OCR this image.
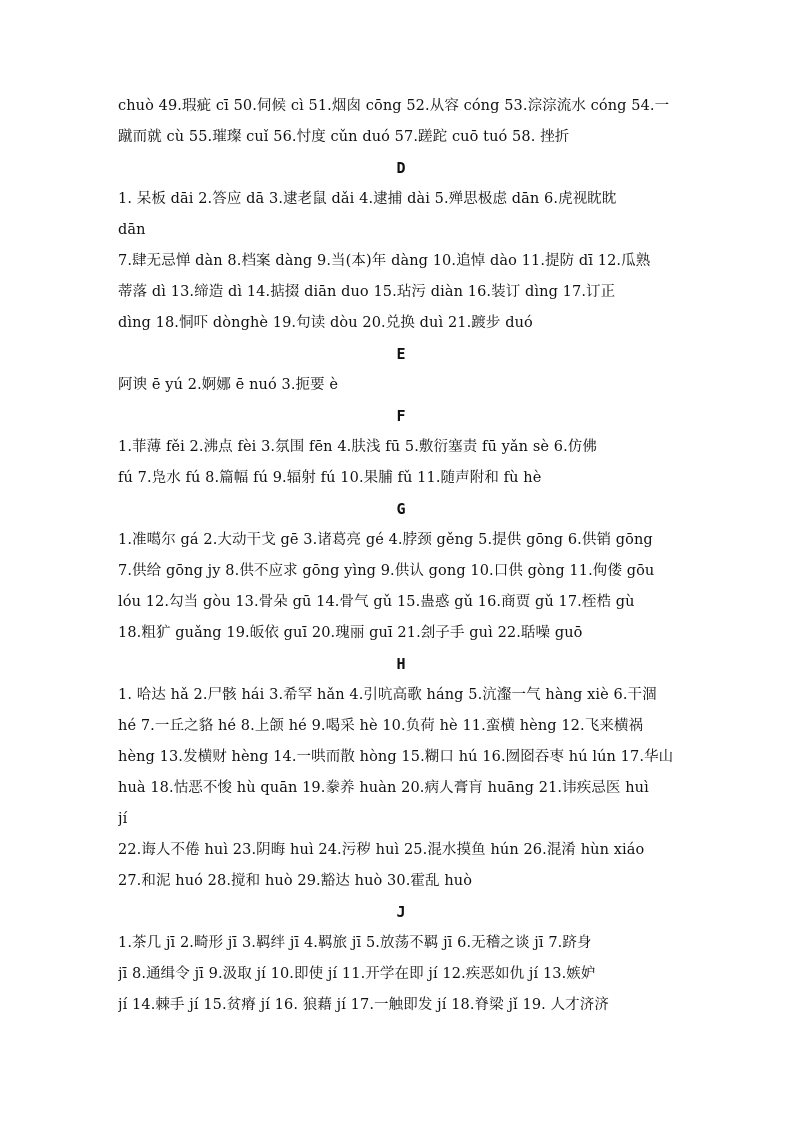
chuò 49.瑕疵 cī 50.伺候 cì 51.烟囱 cōng 52.从容 cóng 53.淙淙流水 cóng 54.一
蹴而就 cù 55.璀璨 cuǐ 56.忖度 cǔn duó 57.蹉跎 cuō tuó 58. 挫折
D
1. 呆板 dāi 2.答应 dā 3.逮老鼠 dǎi 4.逮捕 dài 5.殚思极虑 dān 6.虎视眈眈
dān
7.肆无忌惮 dàn 8.档案 dàng 9.当(本)年 dàng 10.追悼 dào 11.提防 dī 12.瓜熟
蒂落 dì 13.缔造 dì 14.掂掇 diān duo 15.玷污 diàn 16.装订 dìng 17.订正
dìng 18.恫吓 dònghè 19.句读 dòu 20.兑换 duì 21.踱步 duó
E
阿谀 ē yú 2.婀娜 ē nuó 3.扼要 è
F
1.菲薄 fěi 2.沸点 fèi 3.氛围 fēn 4.肤浅 fū 5.敷衍塞责 fū yǎn sè 6.仿佛
fú 7.凫水 fú 8.篇幅 fú 9.辐射 fú 10.果脯 fǔ 11.随声附和 fù hè
G
1.准噶尔 gá 2.大动干戈 gē 3.诸葛亮 gé 4.脖颈 gěng 5.提供 gōng 6.供销 gōng
7.供给 gōng jy 8.供不应求 gōng yìng 9.供认 gong 10.口供 gòng 11.佝偻 gōu
lóu 12.勾当 gòu 13.骨朵 gū 14.骨气 gǔ 15.蛊惑 gǔ 16.商贾 gǔ 17.桎梏 gù
18.粗犷 guǎng 19.皈依 guī 20.瑰丽 guī 21.刽子手 guì 22.聒噪 guō
H
1. 哈达 hǎ 2.尸骸 hái 3.希罕 hǎn 4.引吭高歌 háng 5.沆瀣一气 hàng xiè 6.干涸
hé 7.一丘之貉 hé 8.上颌 hé 9.喝采 hè 10.负荷 hè 11.蛮横 hèng 12.飞来横祸
hèng 13.发横财 hèng 14.一哄而散 hòng 15.糊口 hú 16.囫囵吞枣 hú lún 17.华山
huà 18.怙恶不悛 hù quān 19.豢养 huàn 20.病人膏肓 huāng 21.讳疾忌医 huì
jí
22.诲人不倦 huì 23.阴晦 huì 24.污秽 huì 25.混水摸鱼 hún 26.混淆 hùn xiáo
27.和泥 huó 28.搅和 huò 29.豁达 huò 30.霍乱 huò
J
1.茶几 jī 2.畸形 jī 3.羁绊 jī 4.羁旅 jī 5.放荡不羁 jī 6.无稽之谈 jī 7.跻身
jī 8.通缉令 jī 9.汲取 jí 10.即使 jí 11.开学在即 jí 12.疾恶如仇 jí 13.嫉妒
jí 14.棘手 jí 15.贫瘠 jí 16. 狼藉 jí 17.一触即发 jí 18.脊梁 jǐ 19. 人才济济
